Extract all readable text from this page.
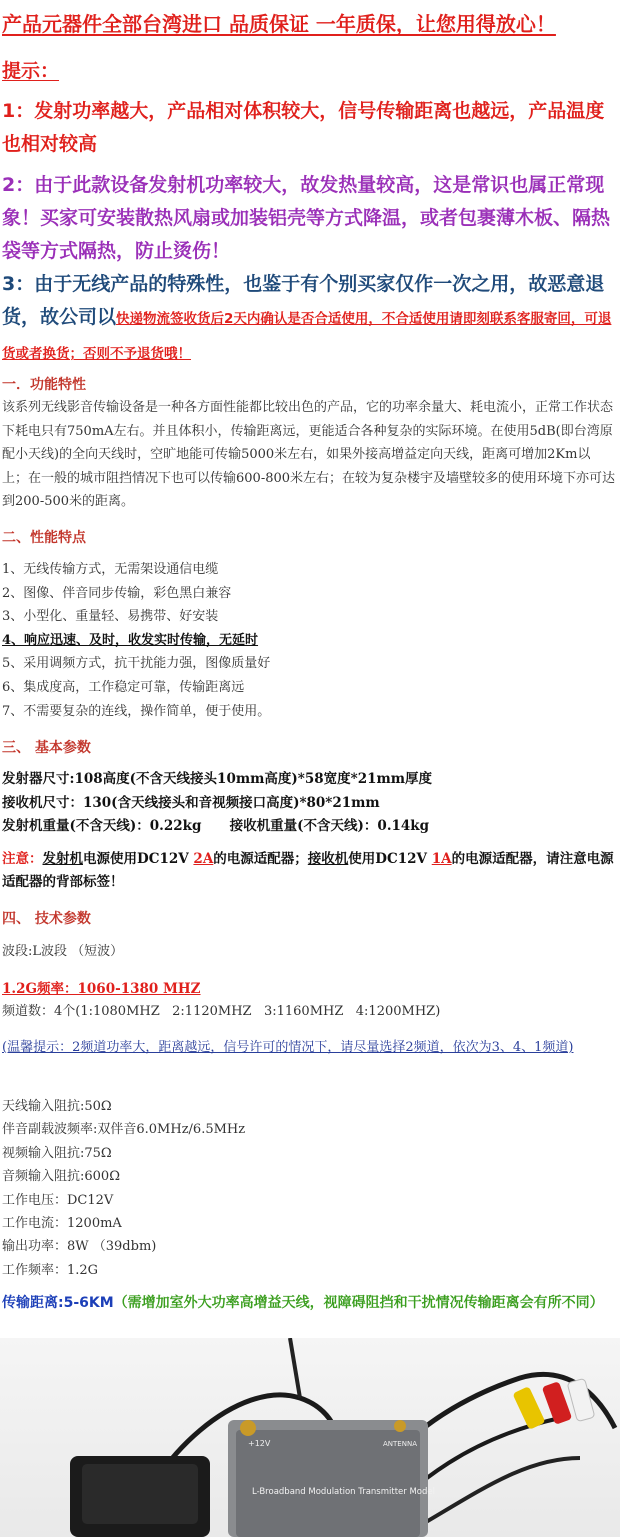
产品元器件全部台湾进口 品质保证 一年质保，让您用得放心！
提示：
1：发射功率越大，产品相对体积较大，信号传输距离也越远，产品温度也相对较高
2：由于此款设备发射机功率较大，故发热量较高，这是常识也属正常现象！买家可安装散热风扇或加装铝壳等方式降温，或者包裹薄木板、隔热袋等方式隔热，防止烫伤！
3：由于无线产品的特殊性，也鉴于有个别买家仅作一次之用，故恶意退货，故公司以快递物流签收货后2天内确认是否合适使用，不合适使用请即刻联系客服寄回，可退货或者换货；否则不予退货哦！
一．功能特性
该系列无线影音传输设备是一种各方面性能都比较出色的产品，它的功率余量大、耗电流小，正常工作状态下耗电只有750mA左右。并且体积小，传输距离远，更能适合各种复杂的实际环境。在使用5dB(即台湾原配小天线)的全向天线时，空旷地能可传输5000米左右，如果外接高增益定向天线，距离可增加2Km以上；在一般的城市阻挡情况下也可以传输600-800米左右；在较为复杂楼宇及墙壁较多的使用环境下亦可达到200-500米的距离。
二、性能特点
1、无线传输方式，无需架设通信电缆
2、图像、伴音同步传输，彩色黑白兼容
3、小型化、重量轻、易携带、好安装
4、响应迅速、及时，收发实时传输，无延时
5、采用调频方式，抗干扰能力强，图像质量好
6、集成度高，工作稳定可靠，传输距离远
7、不需要复杂的连线，操作简单，便于使用。
三、 基本参数
发射器尺寸:108高度(不含天线接头10mm高度)*58宽度*21mm厚度
接收机尺寸：130(含天线接头和音视频接口高度)*80*21mm
发射机重量(不含天线)：0.22kg      接收机重量(不含天线)：0.14kg
注意：发射机电源使用DC12V 2A的电源适配器；接收机使用DC12V 1A的电源适配器，请注意电源适配器的背部标签！
四、 技术参数
波段:L波段 （短波）
1.2G频率：1060-1380 MHZ
频道数：4个(1:1080MHZ   2:1120MHZ   3:1160MHZ   4:1200MHZ)
(温馨提示：2频道功率大，距离越远，信号许可的情况下，请尽量选择2频道，依次为3、4、1频道)
天线输入阻抗:50Ω
伴音副载波频率:双伴音6.0MHz/6.5MHz
视频输入阻抗:75Ω
音频输入阻抗:600Ω
工作电压：DC12V
工作电流：1200mA
输出功率：8W （39dbm)
工作频率：1.2G
传输距离:5-6KM（需增加室外大功率高增益天线，视障碍阻挡和干扰情况传输距离会有所不同）
+12V	ANTENNA
L-Broadband Modulation Transmitter Model
